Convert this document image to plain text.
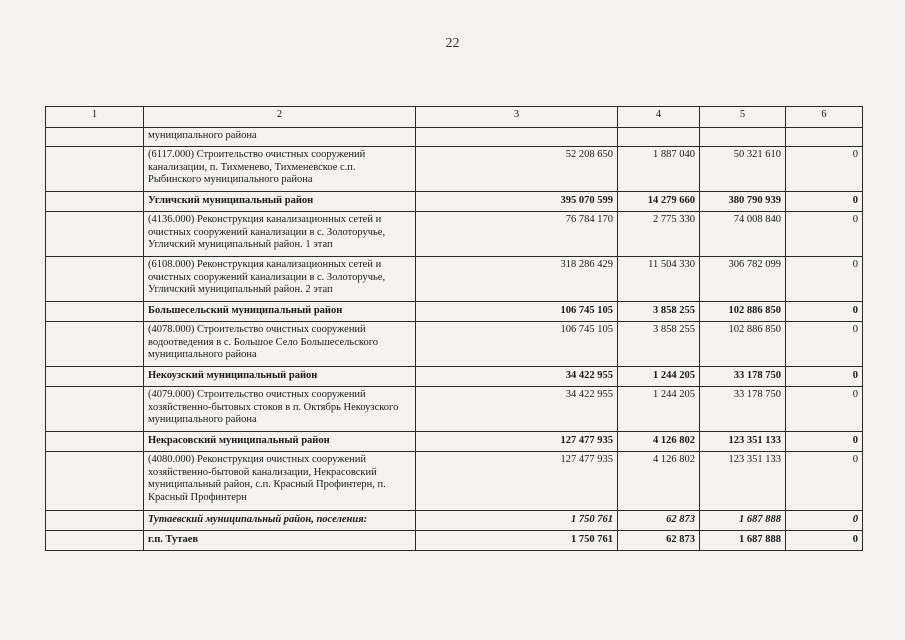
22
1	2	3	4	5	6
	муниципального района				
	(6117.000) Строительство очистных сооружений канализации, п. Тихменево, Тихменевское с.п. Рыбинского муниципального района	52 208 650	1 887 040	50 321 610	0
	Угличский муниципальный район	395 070 599	14 279 660	380 790 939	0
	(4136.000) Реконструкция канализационных сетей и очистных сооружений канализации в с. Золоторучье, Угличский муниципальный район. 1 этап	76 784 170	2 775 330	74 008 840	0
	(6108.000) Реконструкция канализационных сетей и очистных сооружений канализации в с. Золоторучье, Угличский муниципальный район. 2 этап	318 286 429	11 504 330	306 782 099	0
	Большесельский муниципальный район	106 745 105	3 858 255	102 886 850	0
	(4078.000) Строительство очистных сооружений водоотведения в с. Большое Село Большесельского муниципального района	106 745 105	3 858 255	102 886 850	0
	Некоузский муниципальный район	34 422 955	1 244 205	33 178 750	0
	(4079.000) Строительство очистных сооружений хозяйственно-бытовых стоков в п. Октябрь Некоузского муниципального района	34 422 955	1 244 205	33 178 750	0
	Некрасовский муниципальный район	127 477 935	4 126 802	123 351 133	0
	(4080.000) Реконструкция очистных сооружений хозяйственно-бытовой канализации, Некрасовский муниципальный район, с.п. Красный Профинтерн, п. Красный Профинтерн	127 477 935	4 126 802	123 351 133	0
	Тутаевский муниципальный район, поселения:	1 750 761	62 873	1 687 888	0
	г.п. Тутаев	1 750 761	62 873	1 687 888	0
